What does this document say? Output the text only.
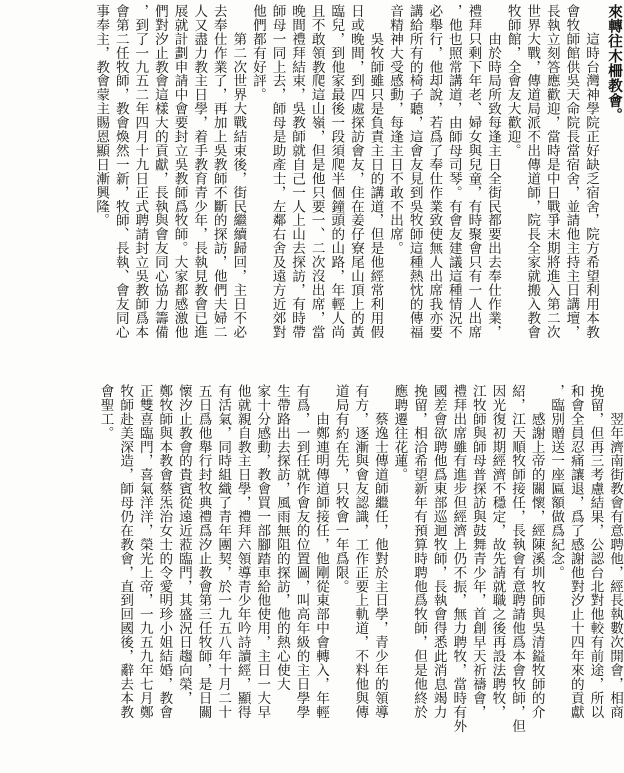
來轉往木柵教會。
　　這時台灣神學院正好缺乏宿舍，院方希望利用本教
會牧師館供吳天命院長當宿舍，並請他主持主日講壇，
長執立刻答應歡迎，當時是中日戰爭末期將進入第二次
世界大戰，傳道局派不出傳道師，院長全家就搬入教會
牧師館，全會友大歡迎。
　　由於時局所致每逢主日全街民都要出去奉仕作業，
禮拜只剩下年老、婦女與兒童，有時聚會只有一人出席
，他也照常講道，由師母司琴。有會友建議這種情況不
必舉行，他却說，若爲了奉仕作業致使無人出席我亦要
講給所有的椅子聽，這會友見到吳牧師這種熱忱的傳福
音精神大受感動，每逢主日不敢不出席。
　　吳牧師雖只是負責主日的講道，但是他經常利用假
日或晚間，到四處探訪會友，住在姜仔寮尾山頂上的黃
臨兒，到他家最後一段須爬半個鐘頭的山路，年輕人尚
且不敢領教爬這山嶺，但是他只要一、二次沒出席，當
晚間禮拜結束，吳教師就自己一人上山去探訪，有時帶
師母一同上去，師母是助產士，左鄰右舍及遠方近郊對
他們都有好評。
　　第二次世界大戰結束後，街民繼續歸回，主日不必
去奉仕作業了，再加上吳教師不斷的探訪，他們夫婦二
人又盡力教主日學，着手教育青少年，長執見教會已進
展就計劃申請中會要封立吳教師爲牧師。大家都感激他
們對汐止教會這樣大的貢獻，長執與會友同心協力籌備
，到了一九五二年四月十九日正式聘請封立吳教師爲本
會第二任牧師，教會煥然一新，牧師、長執、會友同心
事奉主，教會蒙主賜恩顯日漸興隆。
　　翌年濟南街教會有意聘他，經長執數次開會，相商
挽留，但再三考慮結果，公認台北對他較有前途，所以
和會全員忍痛讓退，爲了感謝他對汐止十四年來的貢獻
，臨別贈送一座匾額做爲紀念。
　　感謝上帝的關懷，經陳溪圳牧師與吳清鎰牧師的介
紹，江天順牧師接任，長執會有意聘請他爲本會牧師，但
因光復初期經濟不穩定，故先請就職之後再設法聘牧，
江牧師與師母普探訪與鼓舞青少年，首創早天祈禱會，
禮拜出席雖有進步但經濟上仍不振，無力聘牧，當時有外
國差會欲聘他爲東部巡迴牧師，長執會得悉此消息竭力
挽留，相洽希望新年有預算時聘他爲牧師，但是他終於
應聘遷往花蓮。
　　蔡逸士傳道師繼任，他對於主日學，青少年的領導
有方，逐漸與會友認識，工作正要上軌道，不料他與傳
道局有約在先，只牧會一年爲限。
　　由鄭連明傳道師接任，他剛從東部中會轉入，年輕
有爲，一到任就作會友的位置圖，叫高年級的主日學學
生帶路出去探訪，風雨無阻的探訪，他的熱心使大
家十分感動，教會買一部腳踏車給他使用，主日一大早
他就親自教主日學，禮拜六領導青少年吟詩讀經，顯得
有活氣，同時組織了青年團契，於一九五八年十月二十
五日爲他舉行封牧典禮爲汐止教會第三任牧師，是日關
懷汐止教會的貴賓從遠近蒞臨門，其盛況日趨向榮，
鄭牧師與本教會蔡炁治女士的令愛明珍小姐結婚，教會
正雙喜臨門，喜氣洋洋，榮光上帝，一九五九年七月鄭
牧師赴美深造，師母仍在教會，直到回國後，辭去本教
會聖工。
